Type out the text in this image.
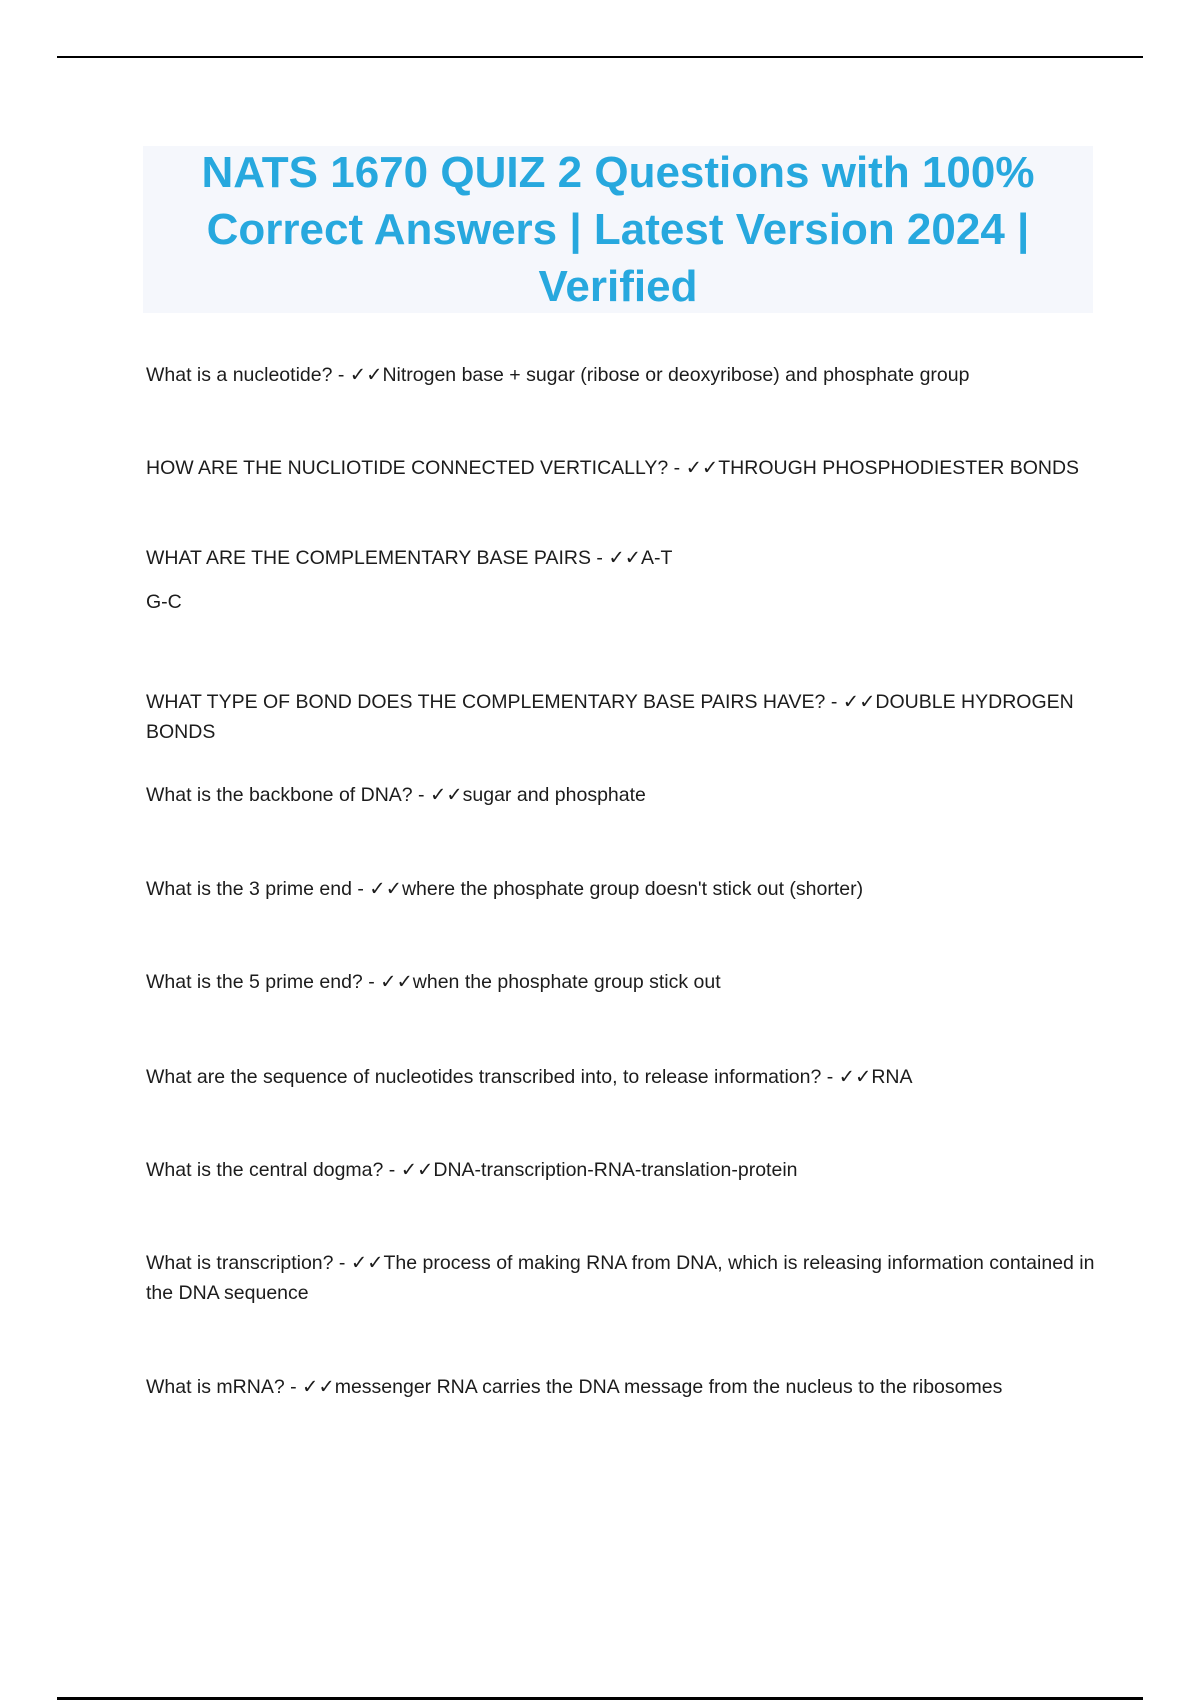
NATS 1670 QUIZ 2 Questions with 100% Correct Answers | Latest Version 2024 | Verified

What is a nucleotide? - ✓✓Nitrogen base + sugar (ribose or deoxyribose) and phosphate group

HOW ARE THE NUCLIOTIDE CONNECTED VERTICALLY? - ✓✓THROUGH PHOSPHODIESTER BONDS

WHAT ARE THE COMPLEMENTARY BASE PAIRS - ✓✓A-T

G-C

WHAT TYPE OF BOND DOES THE COMPLEMENTARY BASE PAIRS HAVE? - ✓✓DOUBLE HYDROGEN BONDS

What is the backbone of DNA? - ✓✓sugar and phosphate

What is the 3 prime end - ✓✓where the phosphate group doesn't stick out (shorter)

What is the 5 prime end? - ✓✓when the phosphate group stick out

What are the sequence of nucleotides transcribed into, to release information? - ✓✓RNA

What is the central dogma? - ✓✓DNA-transcription-RNA-translation-protein

What is transcription? - ✓✓The process of making RNA from DNA, which is releasing information contained in the DNA sequence

What is mRNA? - ✓✓messenger RNA carries the DNA message from the nucleus to the ribosomes
